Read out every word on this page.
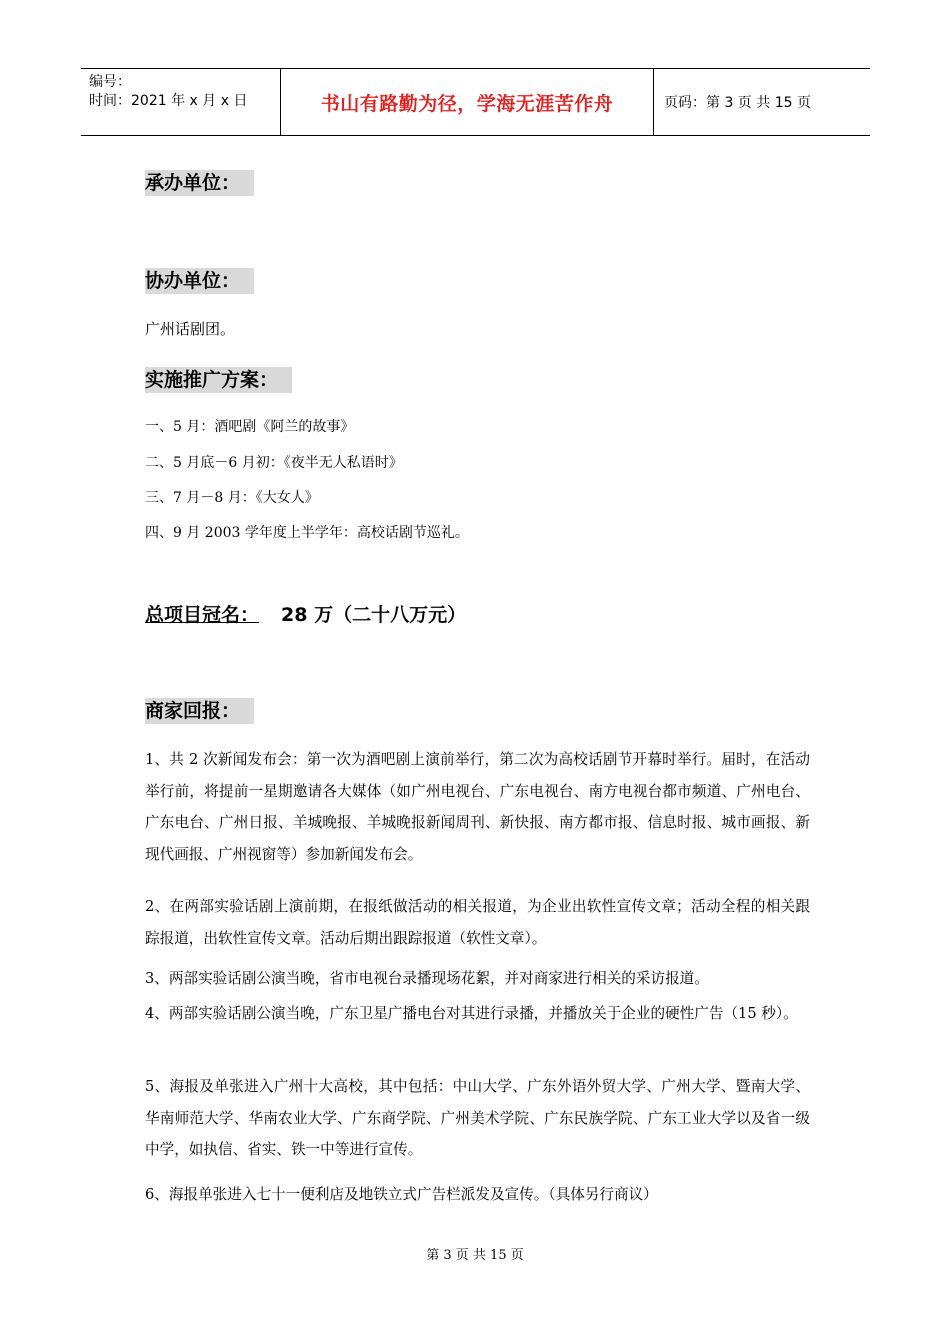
编号：
时间：2021 年 x 月 x 日	书山有路勤为径，学海无涯苦作舟	页码：第 3 页 共 15 页
承办单位：
协办单位：
广州话剧团。
实施推广方案：
一、5 月：酒吧剧《阿兰的故事》
二、5 月底－6 月初：《夜半无人私语时》
三、7 月－8 月：《大女人》
四、9 月 2003 学年度上半学年：高校话剧节巡礼。
总项目冠名： 28 万（二十八万元）
商家回报：
1、共 2 次新闻发布会：第一次为酒吧剧上演前举行，第二次为高校话剧节开幕时举行。届时，在活动举行前，将提前一星期邀请各大媒体（如广州电视台、广东电视台、南方电视台都市频道、广州电台、广东电台、广州日报、羊城晚报、羊城晚报新闻周刊、新快报、南方都市报、信息时报、城市画报、新现代画报、广州视窗等）参加新闻发布会。
2、在两部实验话剧上演前期，在报纸做活动的相关报道，为企业出软性宣传文章；活动全程的相关跟踪报道，出软性宣传文章。活动后期出跟踪报道（软性文章）。
3、两部实验话剧公演当晚，省市电视台录播现场花絮，并对商家进行相关的采访报道。
4、两部实验话剧公演当晚，广东卫星广播电台对其进行录播，并播放关于企业的硬性广告（15 秒）。
5、海报及单张进入广州十大高校，其中包括：中山大学、广东外语外贸大学、广州大学、暨南大学、华南师范大学、华南农业大学、广东商学院、广州美术学院、广东民族学院、广东工业大学以及省一级中学，如执信、省实、铁一中等进行宣传。
6、海报单张进入七十一便利店及地铁立式广告栏派发及宣传。（具体另行商议）
第 3 页 共 15 页
